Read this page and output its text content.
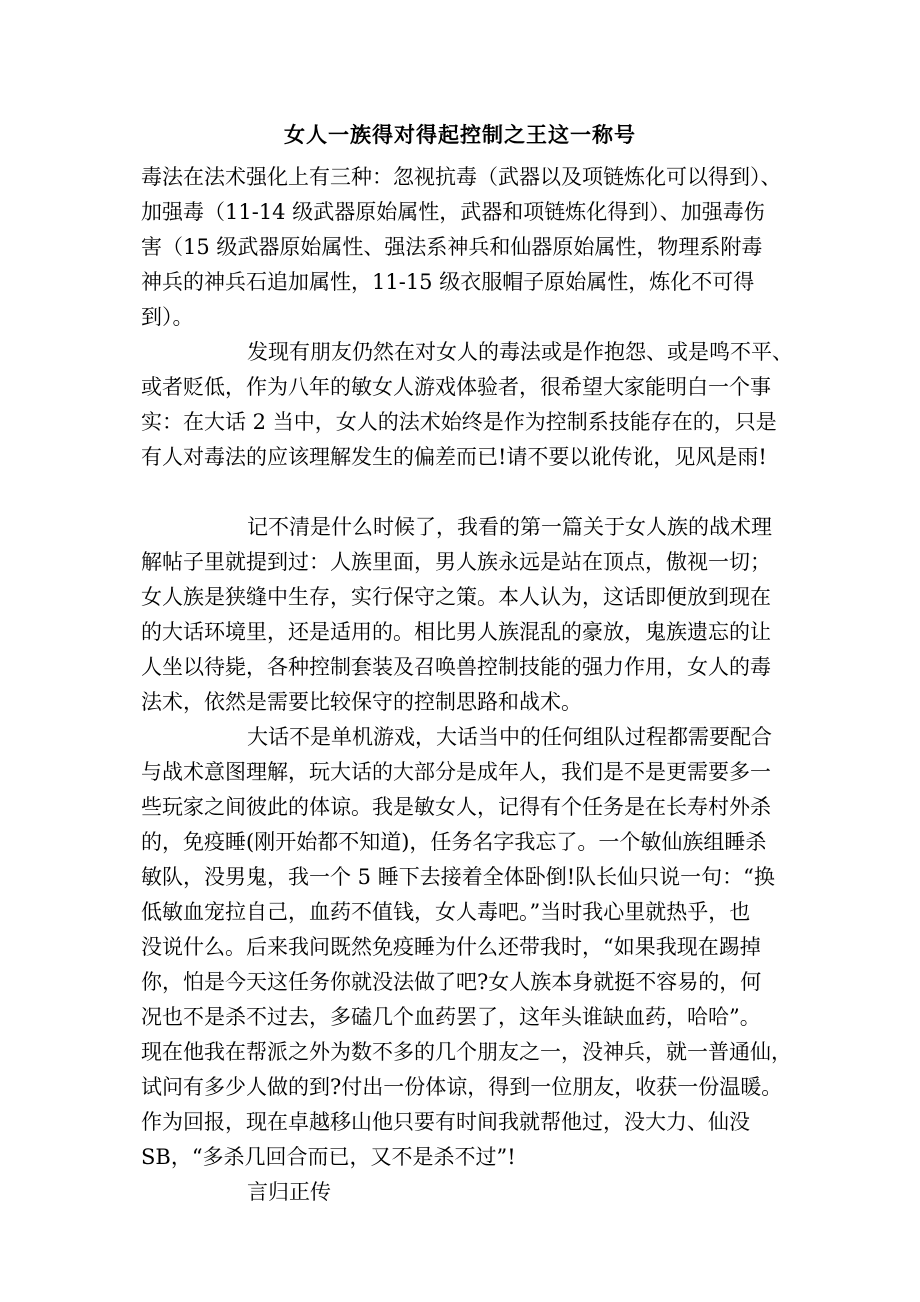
女人一族得对得起控制之王这一称号
毒法在法术强化上有三种：忽视抗毒（武器以及项链炼化可以得到）、
加强毒（11-14 级武器原始属性，武器和项链炼化得到）、加强毒伤
害（15 级武器原始属性、强法系神兵和仙器原始属性，物理系附毒
神兵的神兵石追加属性，11-15 级衣服帽子原始属性，炼化不可得
到）。
发现有朋友仍然在对女人的毒法或是作抱怨、或是鸣不平、
或者贬低，作为八年的敏女人游戏体验者，很希望大家能明白一个事
实：在大话 2 当中，女人的法术始终是作为控制系技能存在的，只是
有人对毒法的应该理解发生的偏差而已!请不要以讹传讹，见风是雨!
记不清是什么时候了，我看的第一篇关于女人族的战术理
解帖子里就提到过：人族里面，男人族永远是站在顶点，傲视一切；
女人族是狭缝中生存，实行保守之策。本人认为，这话即便放到现在
的大话环境里，还是适用的。相比男人族混乱的豪放，鬼族遗忘的让
人坐以待毙，各种控制套装及召唤兽控制技能的强力作用，女人的毒
法术，依然是需要比较保守的控制思路和战术。
大话不是单机游戏，大话当中的任何组队过程都需要配合
与战术意图理解，玩大话的大部分是成年人，我们是不是更需要多一
些玩家之间彼此的体谅。我是敏女人，记得有个任务是在长寿村外杀
的，免疫睡(刚开始都不知道)，任务名字我忘了。一个敏仙族组睡杀
敏队，没男鬼，我一个 5 睡下去接着全体卧倒!队长仙只说一句：“换
低敏血宠拉自己，血药不值钱，女人毒吧。”当时我心里就热乎，也
没说什么。后来我问既然免疫睡为什么还带我时，“如果我现在踢掉
你，怕是今天这任务你就没法做了吧?女人族本身就挺不容易的，何
况也不是杀不过去，多磕几个血药罢了，这年头谁缺血药，哈哈”。
现在他我在帮派之外为数不多的几个朋友之一，没神兵，就一普通仙，
试问有多少人做的到?付出一份体谅，得到一位朋友，收获一份温暖。
作为回报，现在卓越移山他只要有时间我就帮他过，没大力、仙没
SB，“多杀几回合而已，又不是杀不过”!
言归正传
